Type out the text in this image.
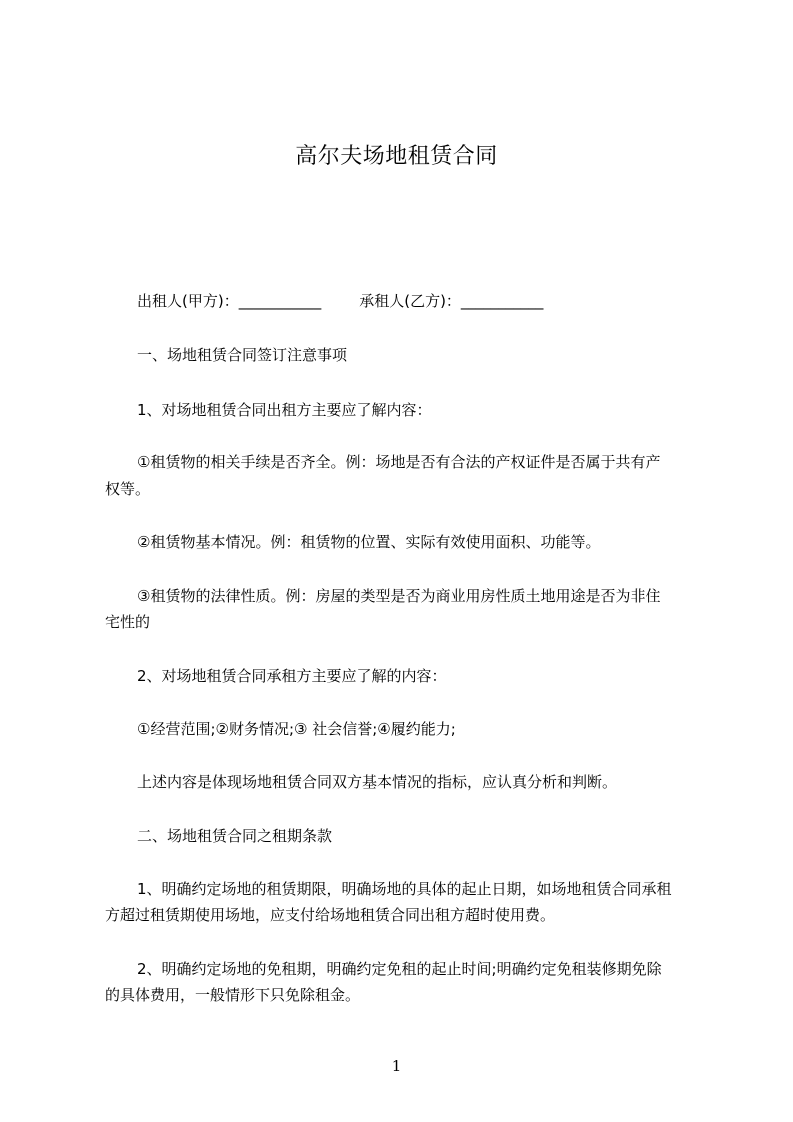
高尔夫场地租赁合同
出租人(甲方)：___________	承租人(乙方)：___________
一、场地租赁合同签订注意事项
1、对场地租赁合同出租方主要应了解内容：
①租赁物的相关手续是否齐全。例：场地是否有合法的产权证件是否属于共有产
权等。
②租赁物基本情况。例：租赁物的位置、实际有效使用面积、功能等。
③租赁物的法律性质。例：房屋的类型是否为商业用房性质土地用途是否为非住
宅性的
2、对场地租赁合同承租方主要应了解的内容：
①经营范围;②财务情况;③ 社会信誉;④履约能力;
上述内容是体现场地租赁合同双方基本情况的指标，应认真分析和判断。
二、场地租赁合同之租期条款
1、明确约定场地的租赁期限，明确场地的具体的起止日期，如场地租赁合同承租
方超过租赁期使用场地，应支付给场地租赁合同出租方超时使用费。
2、明确约定场地的免租期，明确约定免租的起止时间;明确约定免租装修期免除
的具体费用，一般情形下只免除租金。
1
